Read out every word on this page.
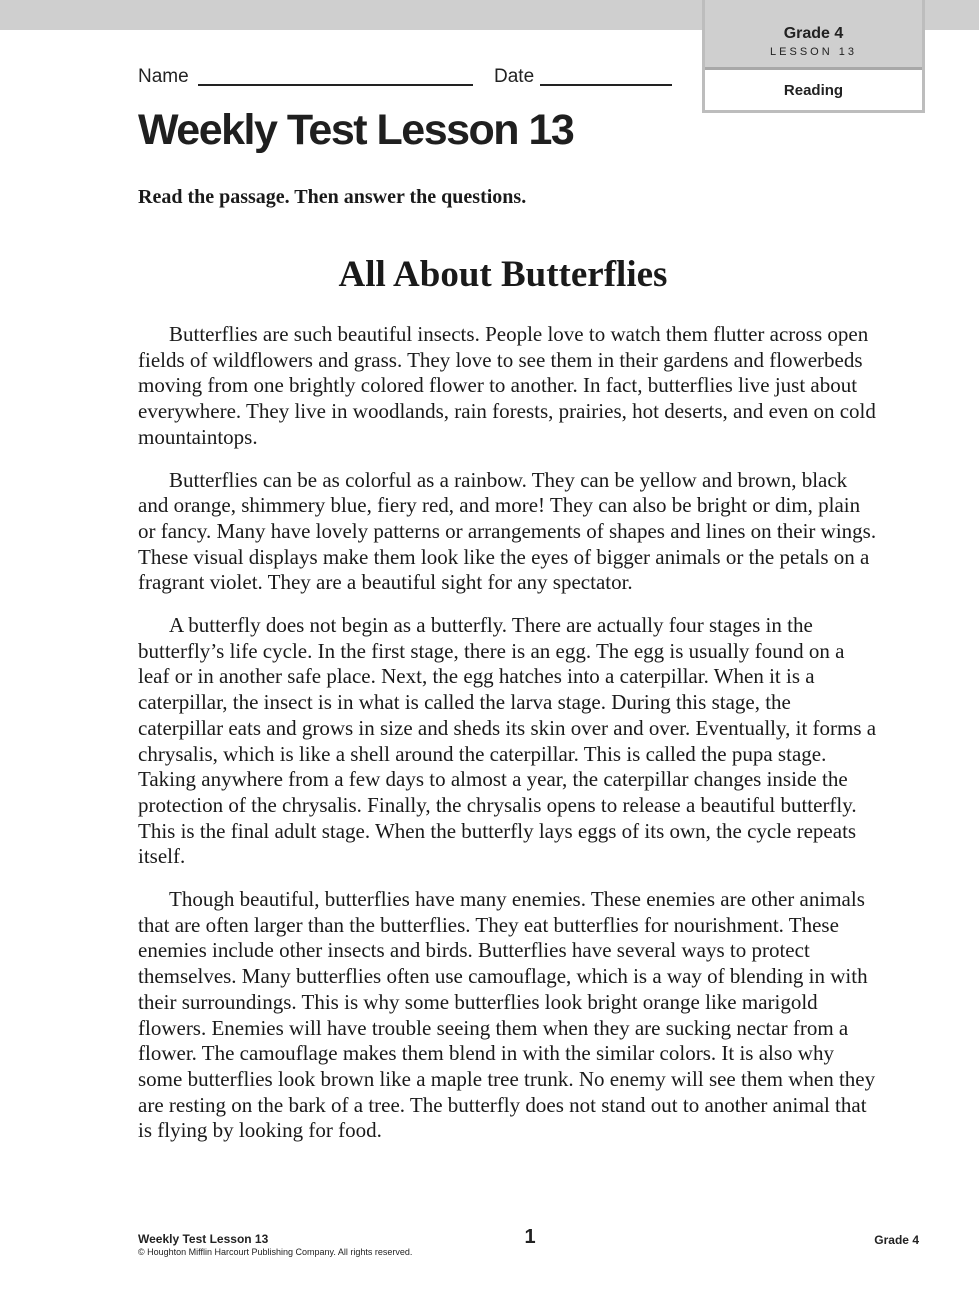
Grade 4
LESSON 13
Reading
Name	Date
Weekly Test Lesson 13
Read the passage. Then answer the questions.
All About Butterflies

Butterflies are such beautiful insects. People love to watch them flutter across open fields of wildflowers and grass. They love to see them in their gardens and flowerbeds moving from one brightly colored flower to another. In fact, butterflies live just about everywhere. They live in woodlands, rain forests, prairies, hot deserts, and even on cold mountaintops.

Butterflies can be as colorful as a rainbow. They can be yellow and brown, black and orange, shimmery blue, fiery red, and more! They can also be bright or dim, plain or fancy. Many have lovely patterns or arrangements of shapes and lines on their wings. These visual displays make them look like the eyes of bigger animals or the petals on a fragrant violet. They are a beautiful sight for any spectator.

A butterfly does not begin as a butterfly. There are actually four stages in the butterfly’s life cycle. In the first stage, there is an egg. The egg is usually found on a leaf or in another safe place. Next, the egg hatches into a caterpillar. When it is a caterpillar, the insect is in what is called the larva stage. During this stage, the caterpillar eats and grows in size and sheds its skin over and over. Eventually, it forms a chrysalis, which is like a shell around the caterpillar. This is called the pupa stage. Taking anywhere from a few days to almost a year, the caterpillar changes inside the protection of the chrysalis. Finally, the chrysalis opens to release a beautiful butterfly. This is the final adult stage. When the butterfly lays eggs of its own, the cycle repeats itself.

Though beautiful, butterflies have many enemies. These enemies are other animals that are often larger than the butterflies. They eat butterflies for nourishment. These enemies include other insects and birds. Butterflies have several ways to protect themselves. Many butterflies often use camouflage, which is a way of blending in with their surroundings. This is why some butterflies look bright orange like marigold flowers. Enemies will have trouble seeing them when they are sucking nectar from a flower. The camouflage makes them blend in with the similar colors. It is also why some butterflies look brown like a maple tree trunk. No enemy will see them when they are resting on the bark of a tree. The butterfly does not stand out to another animal that is flying by looking for food.

Weekly Test Lesson 13
© Houghton Mifflin Harcourt Publishing Company. All rights reserved.
1	Grade 4
